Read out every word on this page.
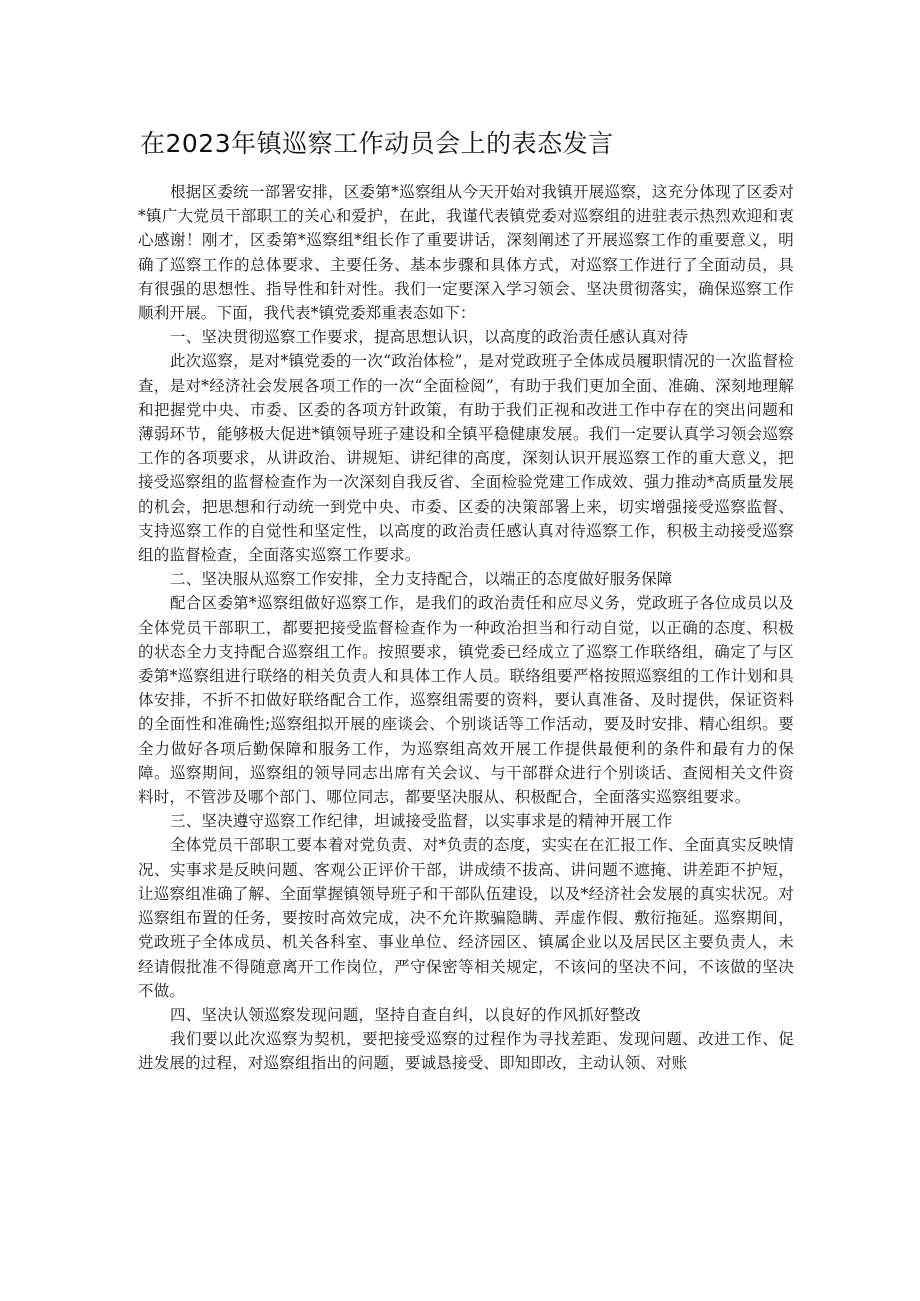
在2023年镇巡察工作动员会上的表态发言

根据区委统一部署安排，区委第*巡察组从今天开始对我镇开展巡察，这充分体现了区委对*镇广大党员干部职工的关心和爱护，在此，我谨代表镇党委对巡察组的进驻表示热烈欢迎和衷心感谢！刚才，区委第*巡察组*组长作了重要讲话，深刻阐述了开展巡察工作的重要意义，明确了巡察工作的总体要求、主要任务、基本步骤和具体方式，对巡察工作进行了全面动员，具有很强的思想性、指导性和针对性。我们一定要深入学习领会、坚决贯彻落实，确保巡察工作顺利开展。下面，我代表*镇党委郑重表态如下：

一、坚决贯彻巡察工作要求，提高思想认识，以高度的政治责任感认真对待

此次巡察，是对*镇党委的一次“政治体检”，是对党政班子全体成员履职情况的一次监督检查，是对*经济社会发展各项工作的一次“全面检阅”，有助于我们更加全面、准确、深刻地理解和把握党中央、市委、区委的各项方针政策，有助于我们正视和改进工作中存在的突出问题和薄弱环节，能够极大促进*镇领导班子建设和全镇平稳健康发展。我们一定要认真学习领会巡察工作的各项要求，从讲政治、讲规矩、讲纪律的高度，深刻认识开展巡察工作的重大意义，把接受巡察组的监督检查作为一次深刻自我反省、全面检验党建工作成效、强力推动*高质量发展的机会，把思想和行动统一到党中央、市委、区委的决策部署上来，切实增强接受巡察监督、支持巡察工作的自觉性和坚定性，以高度的政治责任感认真对待巡察工作，积极主动接受巡察组的监督检查，全面落实巡察工作要求。

二、坚决服从巡察工作安排，全力支持配合，以端正的态度做好服务保障

配合区委第*巡察组做好巡察工作，是我们的政治责任和应尽义务，党政班子各位成员以及全体党员干部职工，都要把接受监督检查作为一种政治担当和行动自觉，以正确的态度、积极的状态全力支持配合巡察组工作。按照要求，镇党委已经成立了巡察工作联络组，确定了与区委第*巡察组进行联络的相关负责人和具体工作人员。联络组要严格按照巡察组的工作计划和具体安排，不折不扣做好联络配合工作，巡察组需要的资料，要认真准备、及时提供，保证资料的全面性和准确性;巡察组拟开展的座谈会、个别谈话等工作活动，要及时安排、精心组织。要全力做好各项后勤保障和服务工作，为巡察组高效开展工作提供最便利的条件和最有力的保障。巡察期间，巡察组的领导同志出席有关会议、与干部群众进行个别谈话、查阅相关文件资料时，不管涉及哪个部门、哪位同志，都要坚决服从、积极配合，全面落实巡察组要求。

三、坚决遵守巡察工作纪律，坦诚接受监督，以实事求是的精神开展工作

全体党员干部职工要本着对党负责、对*负责的态度，实实在在汇报工作、全面真实反映情况、实事求是反映问题、客观公正评价干部，讲成绩不拔高、讲问题不遮掩、讲差距不护短，让巡察组准确了解、全面掌握镇领导班子和干部队伍建设，以及*经济社会发展的真实状况。对巡察组布置的任务，要按时高效完成，决不允许欺骗隐瞒、弄虚作假、敷衍拖延。巡察期间，党政班子全体成员、机关各科室、事业单位、经济园区、镇属企业以及居民区主要负责人，未经请假批准不得随意离开工作岗位，严守保密等相关规定，不该问的坚决不问，不该做的坚决不做。

四、坚决认领巡察发现问题，坚持自查自纠，以良好的作风抓好整改

我们要以此次巡察为契机，要把接受巡察的过程作为寻找差距、发现问题、改进工作、促进发展的过程，对巡察组指出的问题，要诚恳接受、即知即改，主动认领、对账
